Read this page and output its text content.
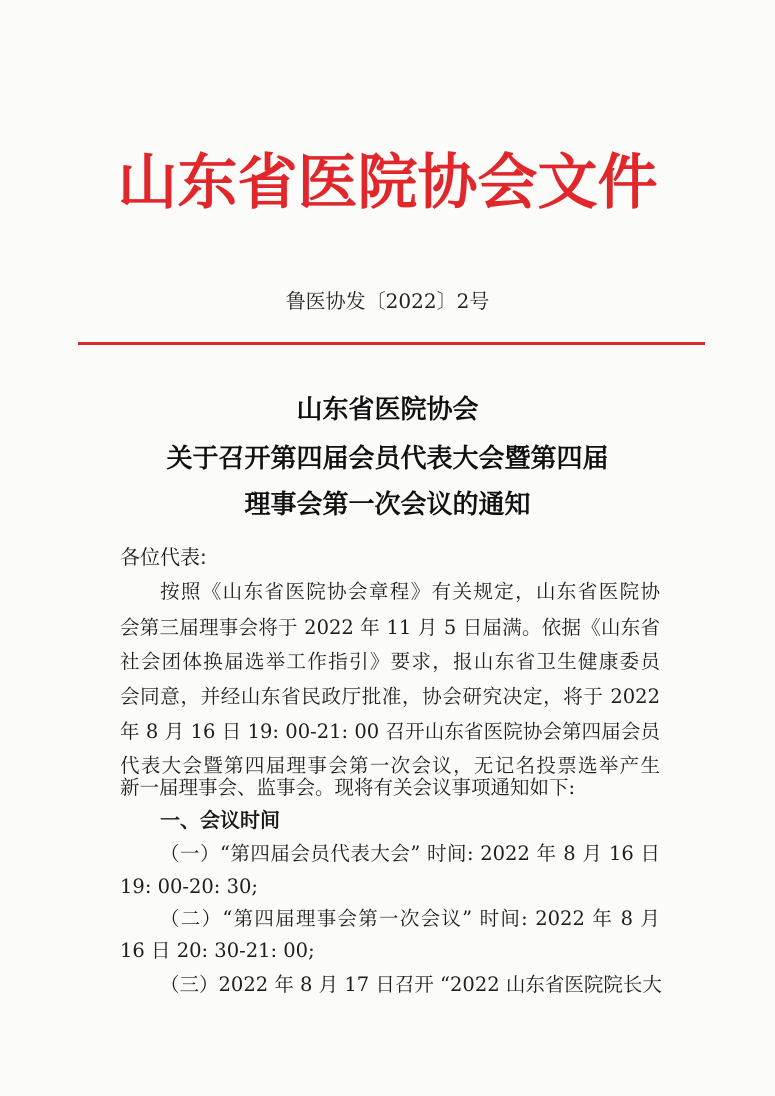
山东省医院协会文件
鲁医协发〔2022〕2号
山东省医院协会
关于召开第四届会员代表大会暨第四届
理事会第一次会议的通知
各位代表:
按照《山东省医院协会章程》有关规定，山东省医院协
会第三届理事会将于 2022 年 11 月 5 日届满。依据《山东省
社会团体换届选举工作指引》要求，报山东省卫生健康委员
会同意，并经山东省民政厅批准，协会研究决定，将于 2022
年 8 月 16 日 19: 00-21: 00 召开山东省医院协会第四届会员
代表大会暨第四届理事会第一次会议，无记名投票选举产生
新一届理事会、监事会。现将有关会议事项通知如下:
一、会议时间
（一）“第四届会员代表大会” 时间: 2022 年 8 月 16 日
19: 00-20: 30;
（二）“第四届理事会第一次会议” 时间: 2022 年 8 月
16 日 20: 30-21: 00;
（三）2022 年 8 月 17 日召开 “2022 山东省医院院长大
